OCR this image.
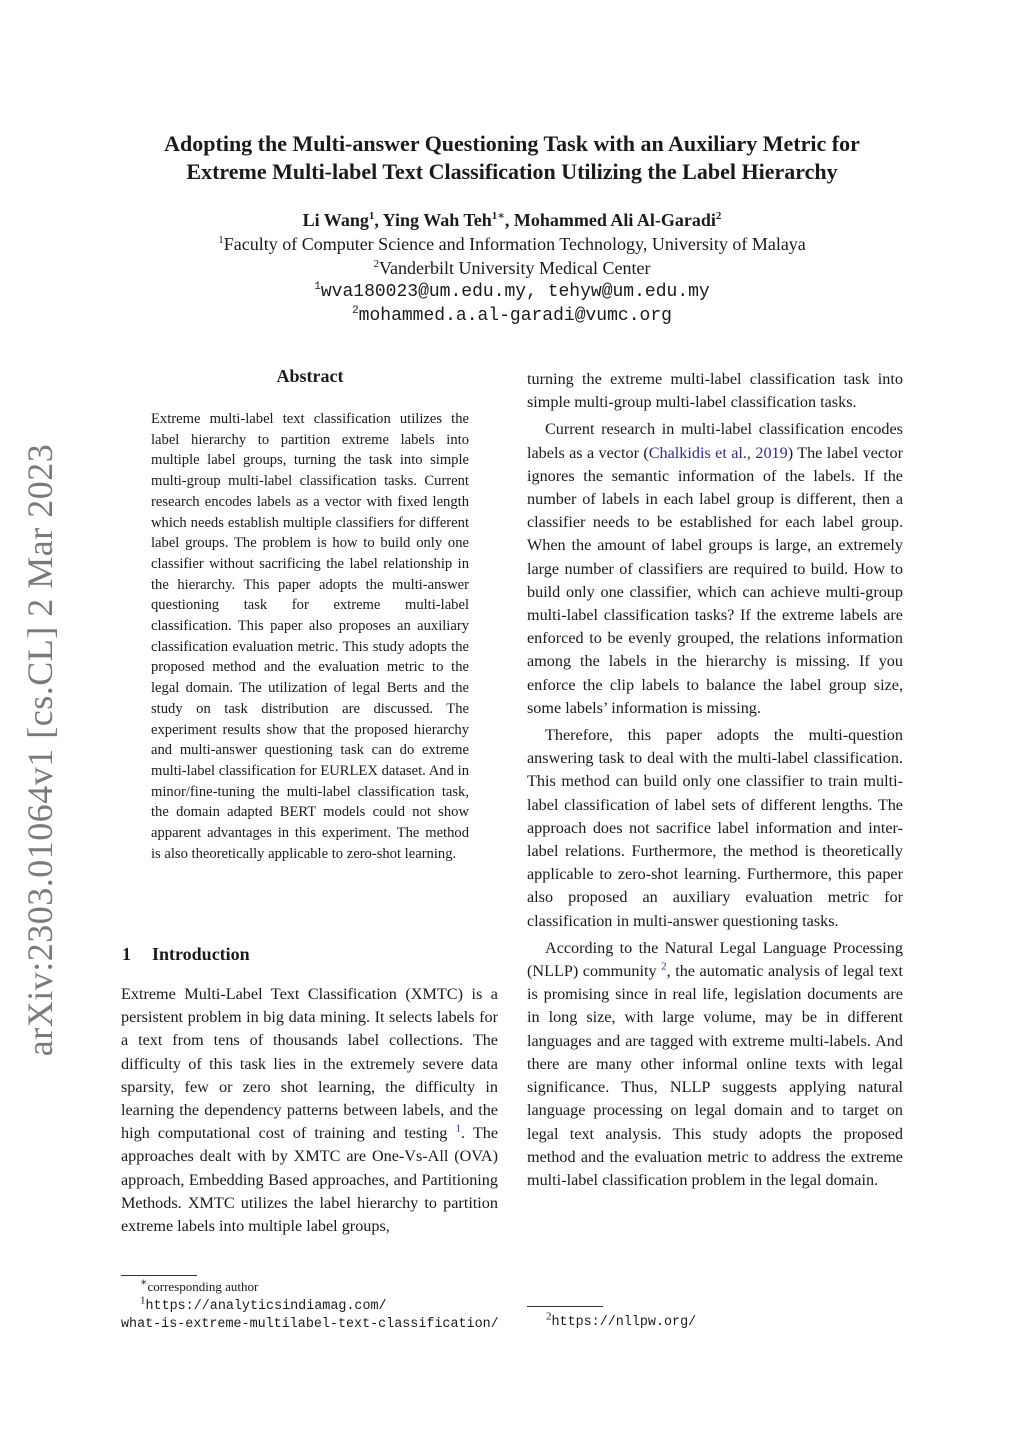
arXiv:2303.01064v1 [cs.CL] 2 Mar 2023
Adopting the Multi-answer Questioning Task with an Auxiliary Metric for
Extreme Multi-label Text Classification Utilizing the Label Hierarchy
Li Wang$^1$, Ying Wah Teh$^{1∗}$, Mohammed Ali Al-Garadi$^2$
$^1$Faculty of Computer Science and Information Technology, University of Malaya
$^2$Vanderbilt University Medical Center
$^1$wva180023@um.edu.my, tehyw@um.edu.my
$^2$mohammed.a.al-garadi@vumc.org
Abstract
Extreme multi-label text classification utilizes the label hierarchy to partition extreme labels into multiple label groups, turning the task into simple multi-group multi-label classification tasks. Current research encodes labels as a vector with fixed length which needs establish multiple classifiers for different label groups. The problem is how to build only one classifier without sacrificing the label relationship in the hierarchy. This paper adopts the multi-answer questioning task for extreme multi-label classification. This paper also proposes an auxiliary classification evaluation metric. This study adopts the proposed method and the evaluation metric to the legal domain. The utilization of legal Berts and the study on task distribution are discussed. The experiment results show that the proposed hierarchy and multi-answer questioning task can do extreme multi-label classification for EURLEX dataset. And in minor/fine-tuning the multi-label classification task, the domain adapted BERT models could not show apparent advantages in this experiment. The method is also theoretically applicable to zero-shot learning.
1 Introduction

Extreme Multi-Label Text Classification (XMTC) is a persistent problem in big data mining. It selects labels for a text from tens of thousands label collections. The difficulty of this task lies in the extremely severe data sparsity, few or zero shot learning, the difficulty in learning the dependency patterns between labels, and the high computational cost of training and testing $^1$. The approaches dealt with by XMTC are One-Vs-All (OVA) approach, Embedding Based approaches, and Partitioning Methods. XMTC utilizes the label hierarchy to partition extreme labels into multiple label groups,

turning the extreme multi-label classification task into simple multi-group multi-label classification tasks.

Current research in multi-label classification encodes labels as a vector (Chalkidis et al., 2019) The label vector ignores the semantic information of the labels. If the number of labels in each label group is different, then a classifier needs to be established for each label group. When the amount of label groups is large, an extremely large number of classifiers are required to build. How to build only one classifier, which can achieve multi-group multi-label classification tasks? If the extreme labels are enforced to be evenly grouped, the relations information among the labels in the hierarchy is missing. If you enforce the clip labels to balance the label group size, some labels’ information is missing.

Therefore, this paper adopts the multi-question answering task to deal with the multi-label classification. This method can build only one classifier to train multi-label classification of label sets of different lengths. The approach does not sacrifice label information and inter-label relations. Furthermore, the method is theoretically applicable to zero-shot learning. Furthermore, this paper also proposed an auxiliary evaluation metric for classification in multi-answer questioning tasks.

According to the Natural Legal Language Processing (NLLP) community $^2$, the automatic analysis of legal text is promising since in real life, legislation documents are in long size, with large volume, may be in different languages and are tagged with extreme multi-labels. And there are many other informal online texts with legal significance. Thus, NLLP suggests applying natural language processing on legal domain and to target on legal text analysis. This study adopts the proposed method and the evaluation metric to address the extreme multi-label classification problem in the legal domain.

∗corresponding author
$^1$https://analyticsindiamag.com/
what-is-extreme-multilabel-text-classification/
$^2$https://nllpw.org/
